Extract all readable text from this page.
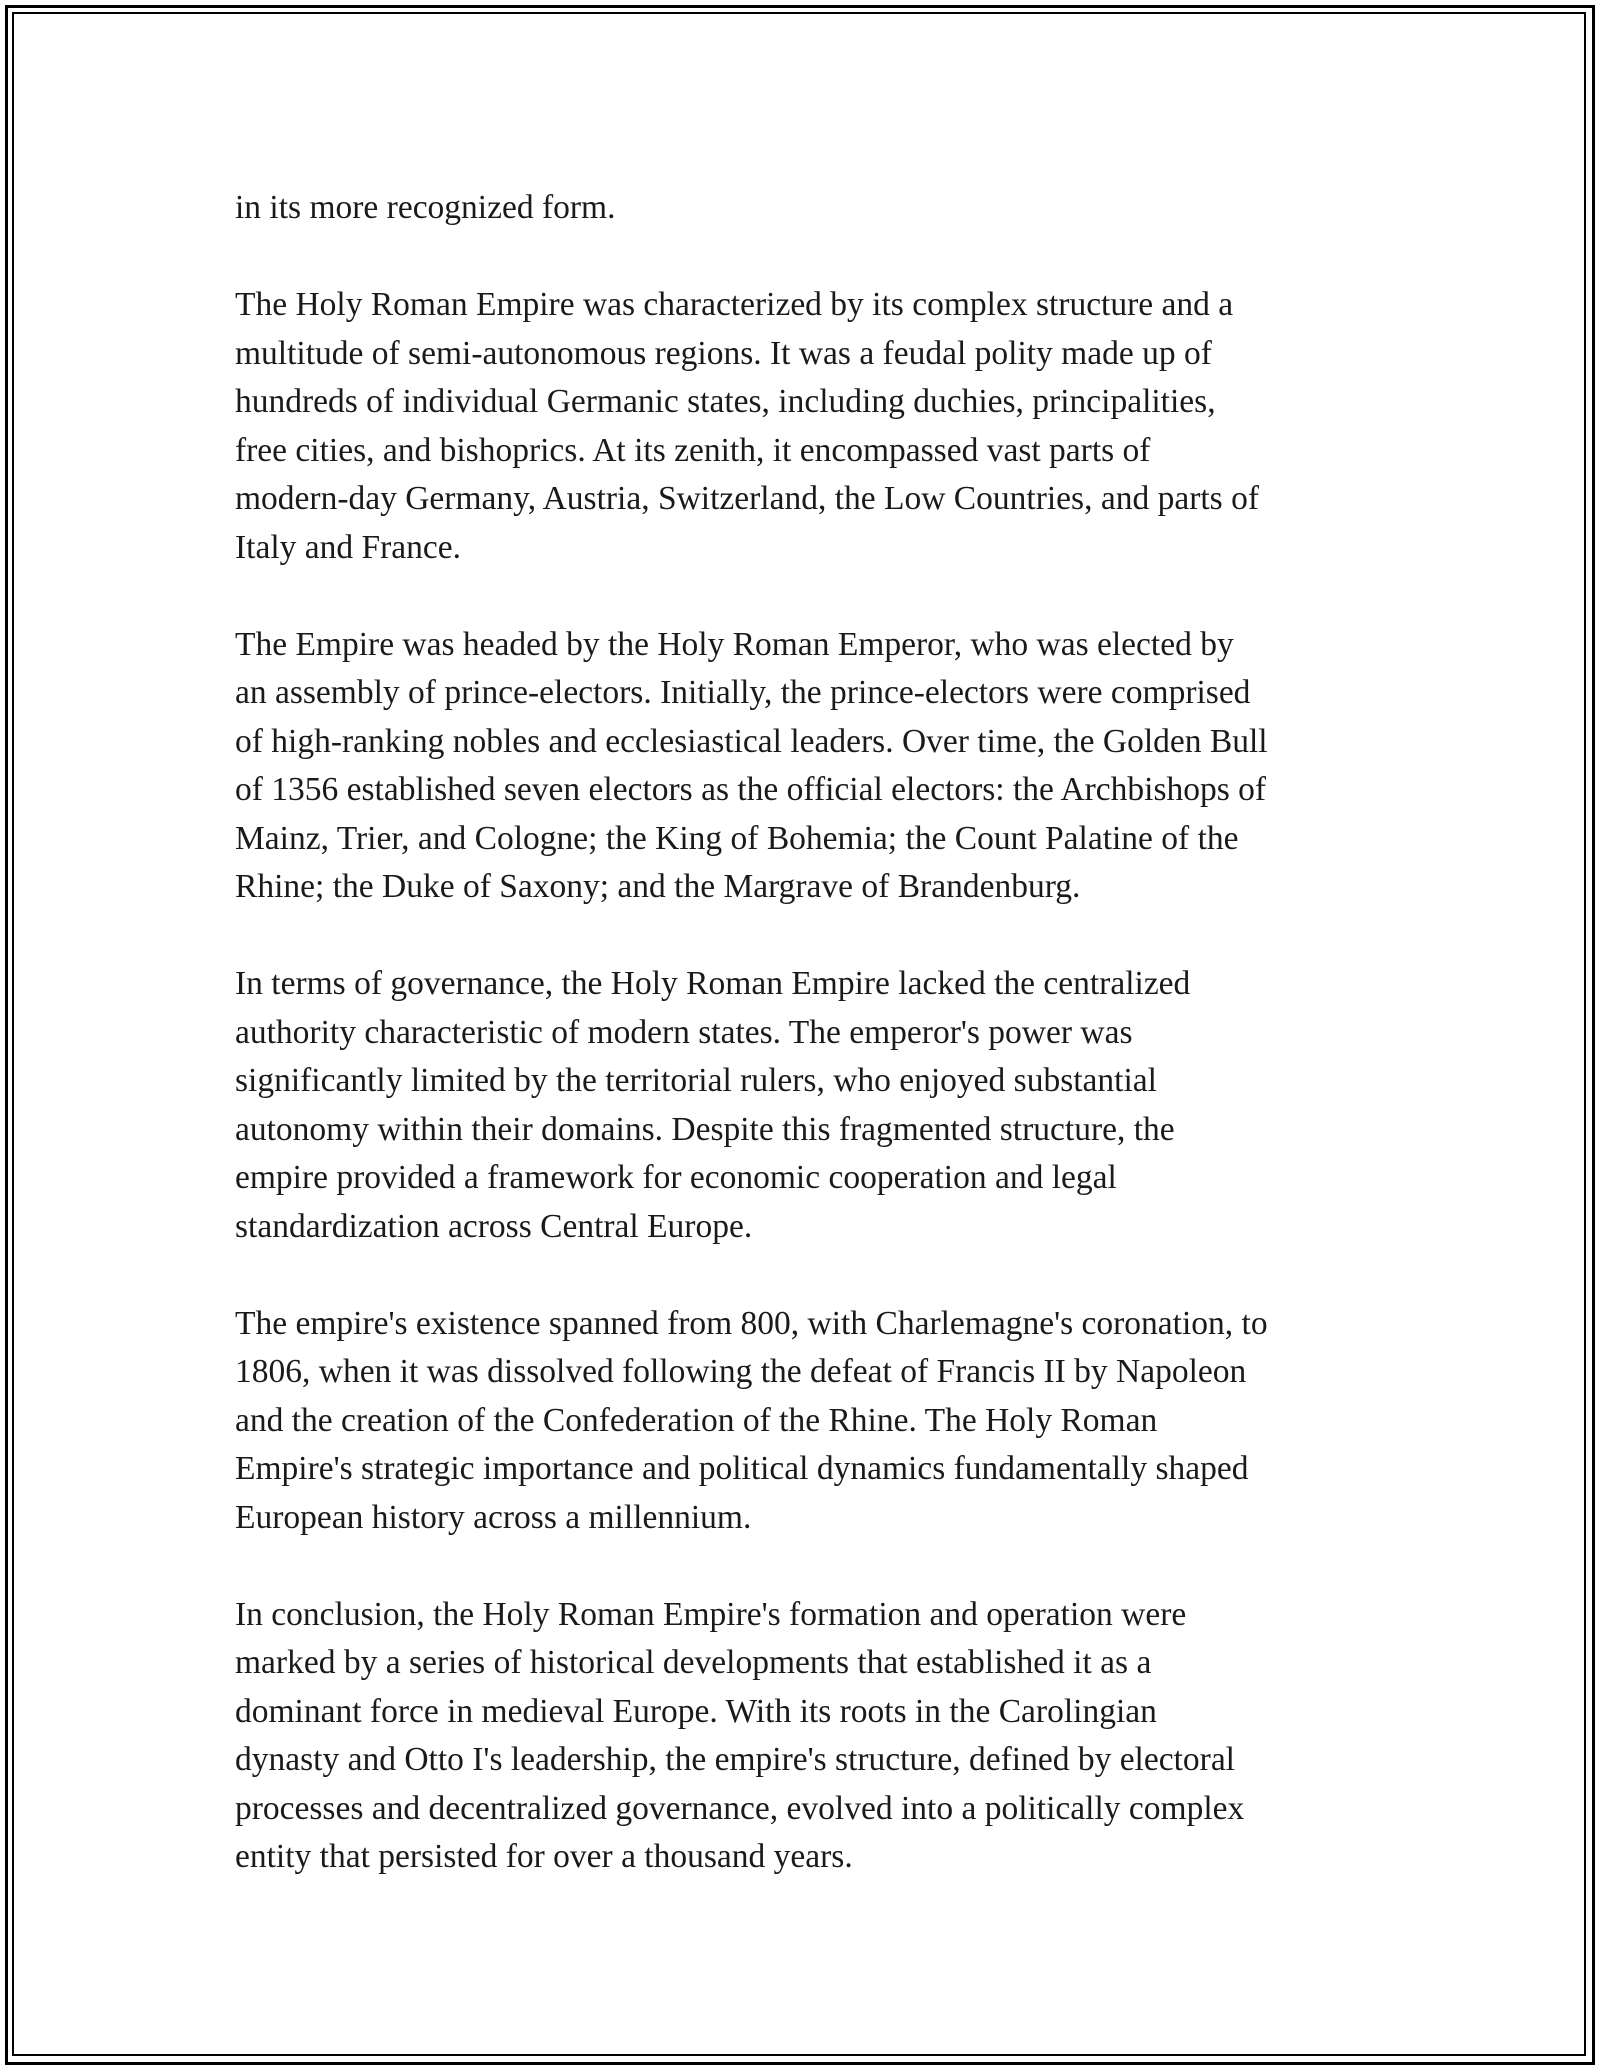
in its more recognized form.

The Holy Roman Empire was characterized by its complex structure and a
multitude of semi-autonomous regions. It was a feudal polity made up of
hundreds of individual Germanic states, including duchies, principalities,
free cities, and bishoprics. At its zenith, it encompassed vast parts of
modern-day Germany, Austria, Switzerland, the Low Countries, and parts of
Italy and France.

The Empire was headed by the Holy Roman Emperor, who was elected by
an assembly of prince-electors. Initially, the prince-electors were comprised
of high-ranking nobles and ecclesiastical leaders. Over time, the Golden Bull
of 1356 established seven electors as the official electors: the Archbishops of
Mainz, Trier, and Cologne; the King of Bohemia; the Count Palatine of the
Rhine; the Duke of Saxony; and the Margrave of Brandenburg.

In terms of governance, the Holy Roman Empire lacked the centralized
authority characteristic of modern states. The emperor's power was
significantly limited by the territorial rulers, who enjoyed substantial
autonomy within their domains. Despite this fragmented structure, the
empire provided a framework for economic cooperation and legal
standardization across Central Europe.

The empire's existence spanned from 800, with Charlemagne's coronation, to
1806, when it was dissolved following the defeat of Francis II by Napoleon
and the creation of the Confederation of the Rhine. The Holy Roman
Empire's strategic importance and political dynamics fundamentally shaped
European history across a millennium.

In conclusion, the Holy Roman Empire's formation and operation were
marked by a series of historical developments that established it as a
dominant force in medieval Europe. With its roots in the Carolingian
dynasty and Otto I's leadership, the empire's structure, defined by electoral
processes and decentralized governance, evolved into a politically complex
entity that persisted for over a thousand years.
